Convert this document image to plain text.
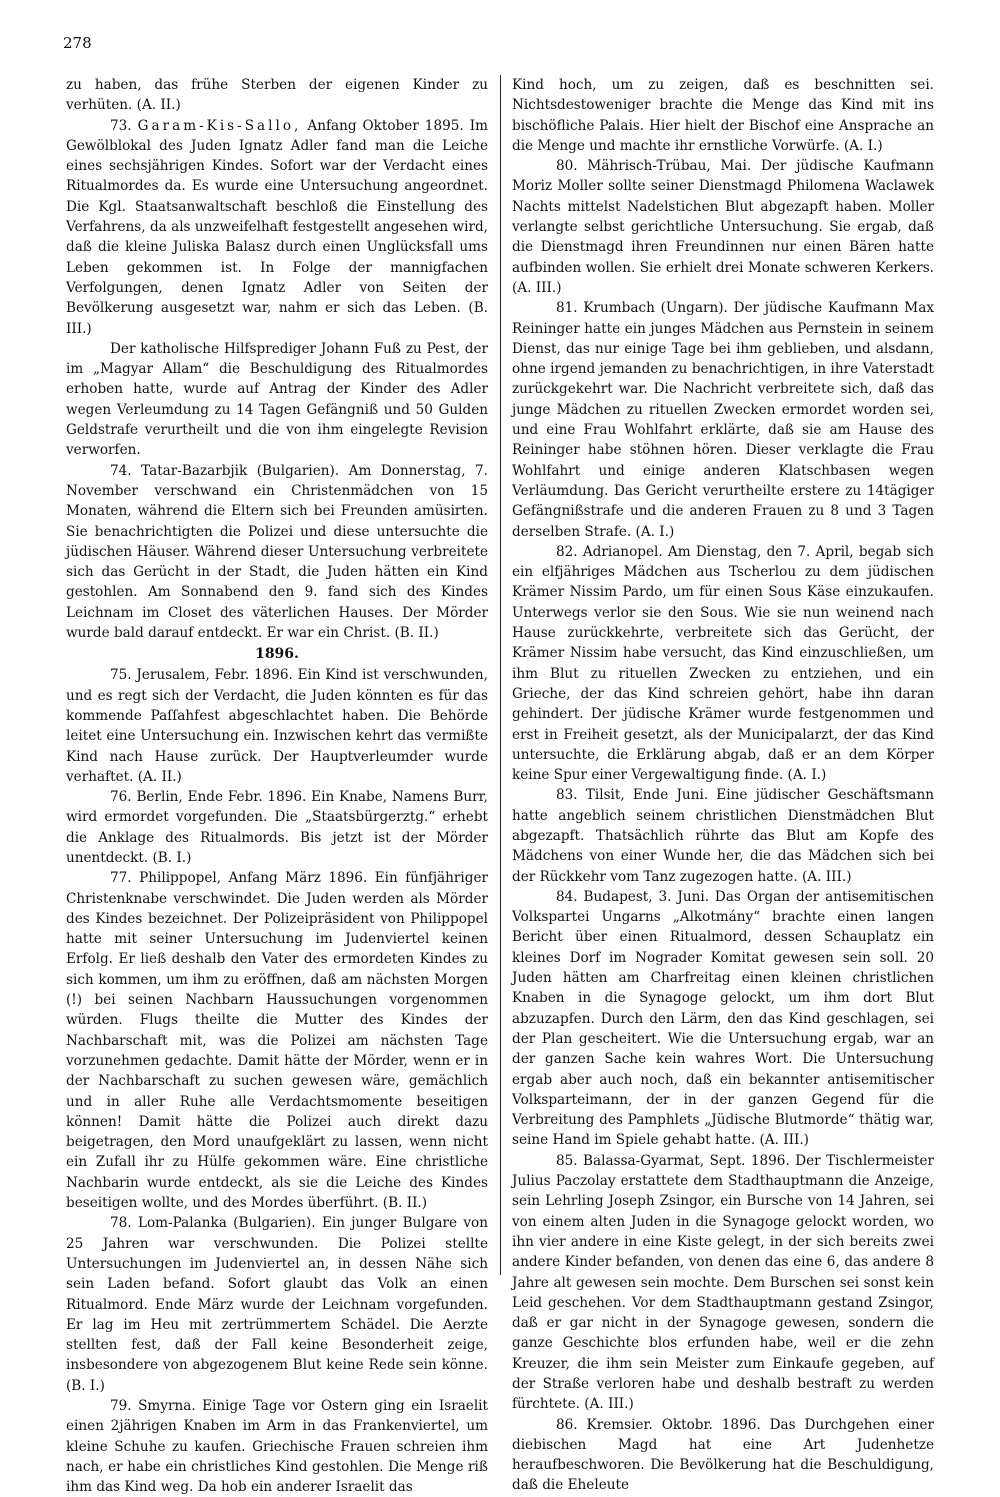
278

zu haben, das frühe Sterben der eigenen Kinder zu verhüten. (A. II.)

73. Garam-Kis-Sallo, Anfang Oktober 1895. Im Gewölblokal des Juden Ignatz Adler fand man die Leiche eines sechsjährigen Kindes. Sofort war der Verdacht eines Ritualmordes da. Es wurde eine Untersuchung angeordnet. Die Kgl. Staatsanwaltschaft beschloß die Einstellung des Verfahrens, da als unzweifelhaft festgestellt angesehen wird, daß die kleine Juliska Balasz durch einen Unglücksfall ums Leben gekommen ist. In Folge der mannigfachen Verfolgungen, denen Ignatz Adler von Seiten der Bevölkerung ausgesetzt war, nahm er sich das Leben. (B. III.)

Der katholische Hilfsprediger Johann Fuß zu Pest, der im „Magyar Allam“ die Beschuldigung des Ritualmordes erhoben hatte, wurde auf Antrag der Kinder des Adler wegen Verleumdung zu 14 Tagen Gefängniß und 50 Gulden Geldstrafe verurtheilt und die von ihm eingelegte Revision verworfen.

74. Tatar-Bazarbjik (Bulgarien). Am Donnerstag, 7. November verschwand ein Christenmädchen von 15 Monaten, während die Eltern sich bei Freunden amüsirten. Sie benachrichtigten die Polizei und diese untersuchte die jüdischen Häuser. Während dieser Untersuchung verbreitete sich das Gerücht in der Stadt, die Juden hätten ein Kind gestohlen. Am Sonnabend den 9. fand sich des Kindes Leichnam im Closet des väterlichen Hauses. Der Mörder wurde bald darauf entdeckt. Er war ein Christ. (B. II.)

1896.

75. Jerusalem, Febr. 1896. Ein Kind ist verschwunden, und es regt sich der Verdacht, die Juden könnten es für das kommende Paſſahfest abgeschlachtet haben. Die Behörde leitet eine Untersuchung ein. Inzwischen kehrt das vermißte Kind nach Hause zurück. Der Hauptverleumder wurde verhaftet. (A. II.)

76. Berlin, Ende Febr. 1896. Ein Knabe, Namens Burr, wird ermordet vorgefunden. Die „Staatsbürgerztg.“ erhebt die Anklage des Ritualmords. Bis jetzt ist der Mörder unentdeckt. (B. I.)

77. Philippopel, Anfang März 1896. Ein fünfjähriger Christenknabe verschwindet. Die Juden werden als Mörder des Kindes bezeichnet. Der Polizeipräsident von Philippopel hatte mit seiner Untersuchung im Judenviertel keinen Erfolg. Er ließ deshalb den Vater des ermordeten Kindes zu sich kommen, um ihm zu eröffnen, daß am nächsten Morgen (!) bei seinen Nachbarn Haussuchungen vorgenommen würden. Flugs theilte die Mutter des Kindes der Nachbarschaft mit, was die Polizei am nächsten Tage vorzunehmen gedachte. Damit hätte der Mörder, wenn er in der Nachbarschaft zu suchen gewesen wäre, gemächlich und in aller Ruhe alle Verdachtsmomente beseitigen können! Damit hätte die Polizei auch direkt dazu beigetragen, den Mord unaufgeklärt zu lassen, wenn nicht ein Zufall ihr zu Hülfe gekommen wäre. Eine christliche Nachbarin wurde entdeckt, als sie die Leiche des Kindes beseitigen wollte, und des Mordes überführt. (B. II.)

78. Lom-Palanka (Bulgarien). Ein junger Bulgare von 25 Jahren war verschwunden. Die Polizei stellte Untersuchungen im Judenviertel an, in dessen Nähe sich sein Laden befand. Sofort glaubt das Volk an einen Ritualmord. Ende März wurde der Leichnam vorgefunden. Er lag im Heu mit zertrümmertem Schädel. Die Aerzte stellten fest, daß der Fall keine Besonderheit zeige, insbesondere von abgezogenem Blut keine Rede sein könne. (B. I.)

79. Smyrna. Einige Tage vor Ostern ging ein Israelit einen 2jährigen Knaben im Arm in das Frankenviertel, um kleine Schuhe zu kaufen. Griechische Frauen schreien ihm nach, er habe ein christliches Kind gestohlen. Die Menge riß ihm das Kind weg. Da hob ein anderer Israelit das

Kind hoch, um zu zeigen, daß es beschnitten sei. Nichtsdestoweniger brachte die Menge das Kind mit ins bischöfliche Palais. Hier hielt der Bischof eine Ansprache an die Menge und machte ihr ernstliche Vorwürfe. (A. I.)

80. Mährisch-Trübau, Mai. Der jüdische Kaufmann Moriz Moller sollte seiner Dienstmagd Philomena Waclawek Nachts mittelst Nadelstichen Blut abgezapft haben. Moller verlangte selbst gerichtliche Untersuchung. Sie ergab, daß die Dienstmagd ihren Freundinnen nur einen Bären hatte aufbinden wollen. Sie erhielt drei Monate schweren Kerkers. (A. III.)

81. Krumbach (Ungarn). Der jüdische Kaufmann Max Reininger hatte ein junges Mädchen aus Pernstein in seinem Dienst, das nur einige Tage bei ihm geblieben, und alsdann, ohne irgend jemanden zu benachrichtigen, in ihre Vaterstadt zurückgekehrt war. Die Nachricht verbreitete sich, daß das junge Mädchen zu rituellen Zwecken ermordet worden sei, und eine Frau Wohlfahrt erklärte, daß sie am Hause des Reininger habe stöhnen hören. Dieser verklagte die Frau Wohlfahrt und einige anderen Klatschbasen wegen Verläumdung. Das Gericht verurtheilte erstere zu 14tägiger Gefängnißstrafe und die anderen Frauen zu 8 und 3 Tagen derselben Strafe. (A. I.)

82. Adrianopel. Am Dienstag, den 7. April, begab sich ein elfjähriges Mädchen aus Tscherlou zu dem jüdischen Krämer Nissim Pardo, um für einen Sous Käse einzukaufen. Unterwegs verlor sie den Sous. Wie sie nun weinend nach Hause zurückkehrte, verbreitete sich das Gerücht, der Krämer Nissim habe versucht, das Kind einzuschließen, um ihm Blut zu rituellen Zwecken zu entziehen, und ein Grieche, der das Kind schreien gehört, habe ihn daran gehindert. Der jüdische Krämer wurde festgenommen und erst in Freiheit gesetzt, als der Municipalarzt, der das Kind untersuchte, die Erklärung abgab, daß er an dem Körper keine Spur einer Vergewaltigung finde. (A. I.)

83. Tilsit, Ende Juni. Eine jüdischer Geschäftsmann hatte angeblich seinem christlichen Dienstmädchen Blut abgezapft. Thatsächlich rührte das Blut am Kopfe des Mädchens von einer Wunde her, die das Mädchen sich bei der Rückkehr vom Tanz zugezogen hatte. (A. III.)

84. Budapest, 3. Juni. Das Organ der antisemitischen Volkspartei Ungarns „Alkotmány“ brachte einen langen Bericht über einen Ritualmord, dessen Schauplatz ein kleines Dorf im Nograder Komitat gewesen sein soll. 20 Juden hätten am Charfreitag einen kleinen christlichen Knaben in die Synagoge gelockt, um ihm dort Blut abzuzapfen. Durch den Lärm, den das Kind geschlagen, sei der Plan gescheitert. Wie die Untersuchung ergab, war an der ganzen Sache kein wahres Wort. Die Untersuchung ergab aber auch noch, daß ein bekannter antisemitischer Volksparteimann, der in der ganzen Gegend für die Verbreitung des Pamphlets „Jüdische Blutmorde“ thätig war, seine Hand im Spiele gehabt hatte. (A. III.)

85. Balassa-Gyarmat, Sept. 1896. Der Tischlermeister Julius Paczolay erstattete dem Stadthauptmann die Anzeige, sein Lehrling Joseph Zsingor, ein Bursche von 14 Jahren, sei von einem alten Juden in die Synagoge gelockt worden, wo ihn vier andere in eine Kiste gelegt, in der sich bereits zwei andere Kinder befanden, von denen das eine 6, das andere 8 Jahre alt gewesen sein mochte. Dem Burschen sei sonst kein Leid geschehen. Vor dem Stadthauptmann gestand Zsingor, daß er gar nicht in der Synagoge gewesen, sondern die ganze Geschichte blos erfunden habe, weil er die zehn Kreuzer, die ihm sein Meister zum Einkaufe gegeben, auf der Straße verloren habe und deshalb bestraft zu werden fürchtete. (A. III.)

86. Kremsier. Oktobr. 1896. Das Durchgehen einer diebischen Magd hat eine Art Judenhetze heraufbeschworen. Die Bevölkerung hat die Beschuldigung, daß die Eheleute
